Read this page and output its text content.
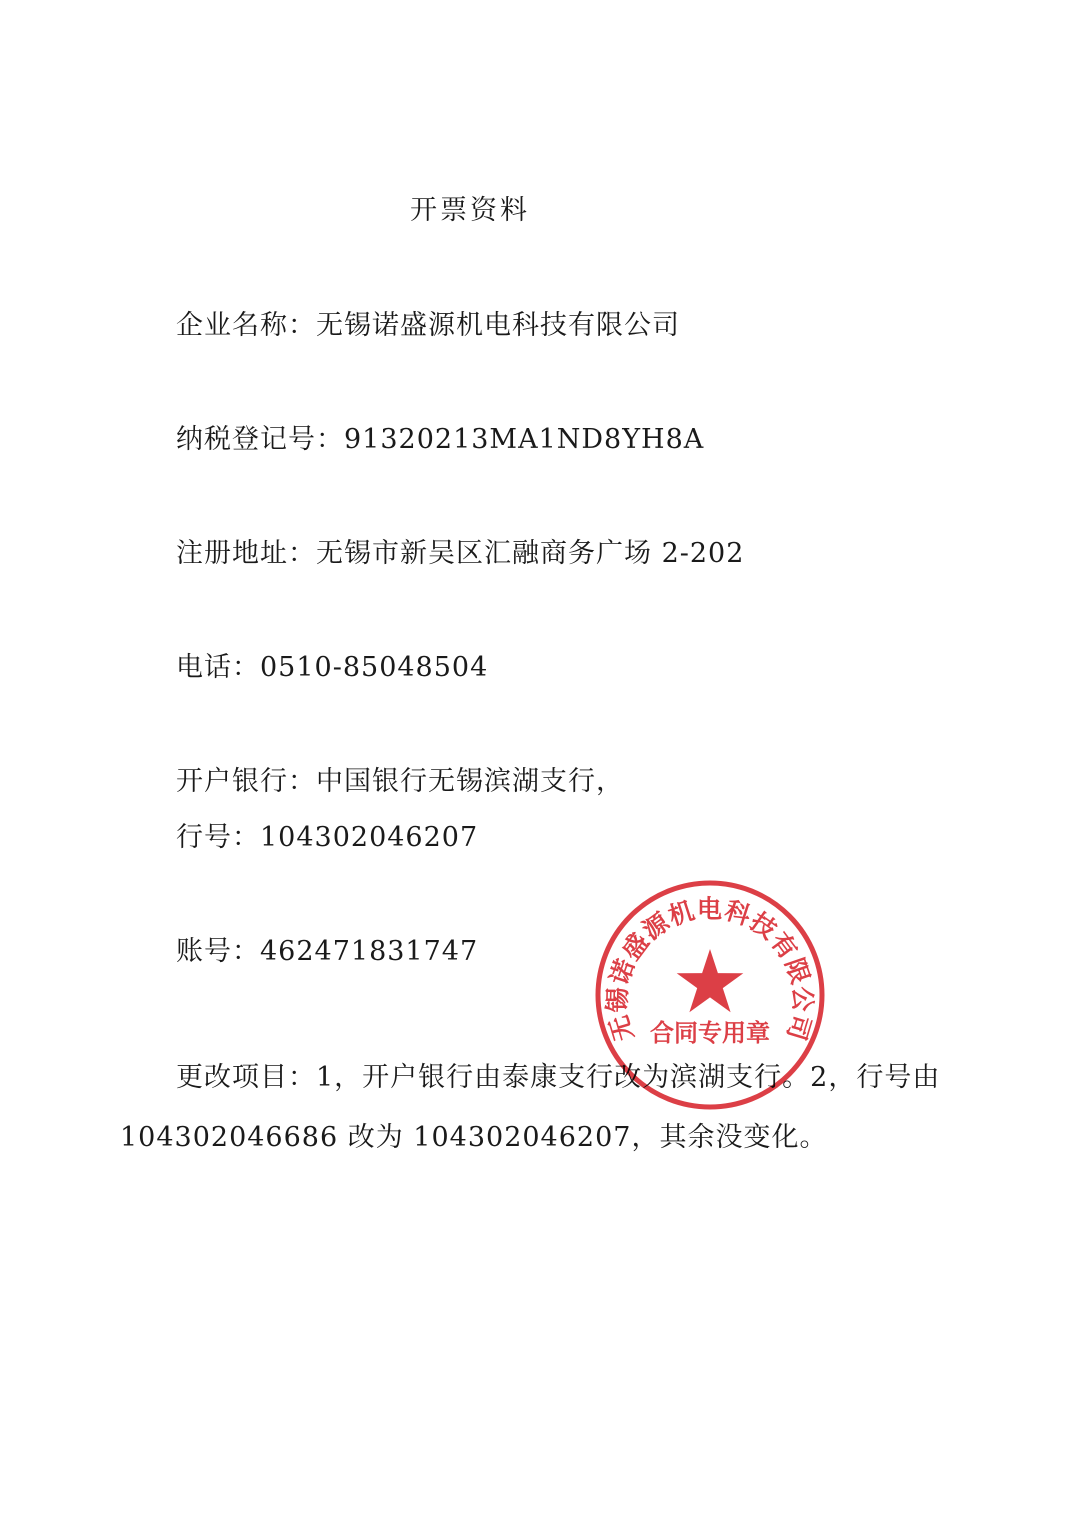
开票资料
企业名称：无锡诺盛源机电科技有限公司
纳税登记号：91320213MA1ND8YH8A
注册地址：无锡市新吴区汇融商务广场 2-202
电话：0510-85048504
开户银行：中国银行无锡滨湖支行，
行号：104302046207
账号：462471831747
更改项目：1，开户银行由泰康支行改为滨湖支行。2，行号由
104302046686 改为 104302046207，其余没变化。
无锡诺盛源机电科技有限公司
合同专用章
